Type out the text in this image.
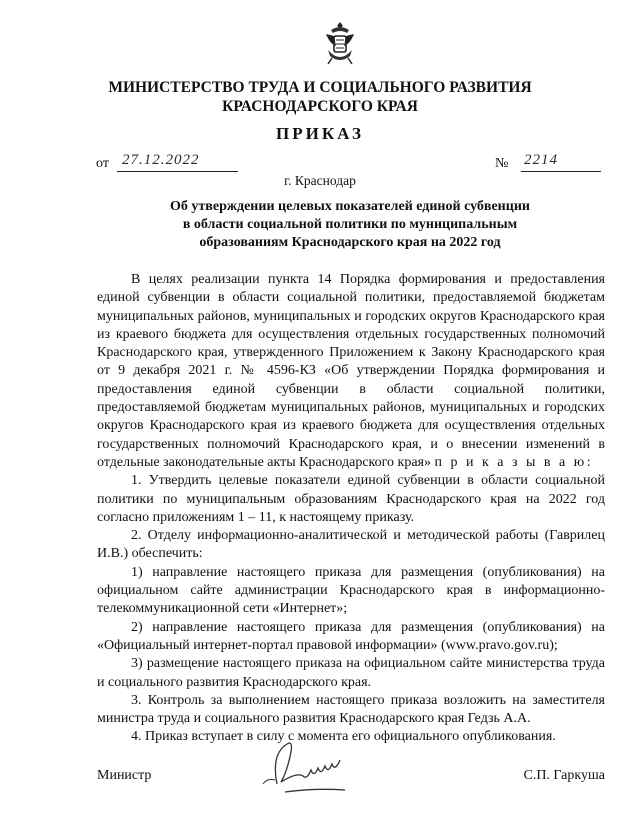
МИНИСТЕРСТВО ТРУДА И СОЦИАЛЬНОГО РАЗВИТИЯ
КРАСНОДАРСКОГО КРАЯ
ПРИКАЗ
от 27.12.2022	№ 2214
г. Краснодар
Об утверждении целевых показателей единой субвенции
в области социальной политики по муниципальным
образованиям Краснодарского края на 2022 год

В целях реализации пункта 14 Порядка формирования и предоставления единой субвенции в области социальной политики, предоставляемой бюджетам муниципальных районов, муниципальных и городских округов Краснодарского края из краевого бюджета для осуществления отдельных государственных полномочий Краснодарского края, утвержденного Приложением к Закону Краснодарского края от 9 декабря 2021 г. № 4596-КЗ «Об утверждении Порядка формирования и предоставления единой субвенции в области социальной политики, предоставляемой бюджетам муниципальных районов, муниципальных и городских округов Краснодарского края из краевого бюджета для осуществления отдельных государственных полномочий Краснодарского края, и о внесении изменений в отдельные законодательные акты Краснодарского края» п р и к а з ы в а ю:

1. Утвердить целевые показатели единой субвенции в области социальной политики по муниципальным образованиям Краснодарского края на 2022 год согласно приложениям 1 – 11, к настоящему приказу.

2. Отделу информационно-аналитической и методической работы (Гаврилец И.В.) обеспечить:

1) направление настоящего приказа для размещения (опубликования) на официальном сайте администрации Краснодарского края в информационно-телекоммуникационной сети «Интернет»;

2) направление настоящего приказа для размещения (опубликования) на «Официальный интернет-портал правовой информации» (www.pravo.gov.ru);

3) размещение настоящего приказа на официальном сайте министерства труда и социального развития Краснодарского края.

3. Контроль за выполнением настоящего приказа возложить на заместителя министра труда и социального развития Краснодарского края Гедзь А.А.

4. Приказ вступает в силу с момента его официального опубликования.

Министр	С.П. Гаркуша
